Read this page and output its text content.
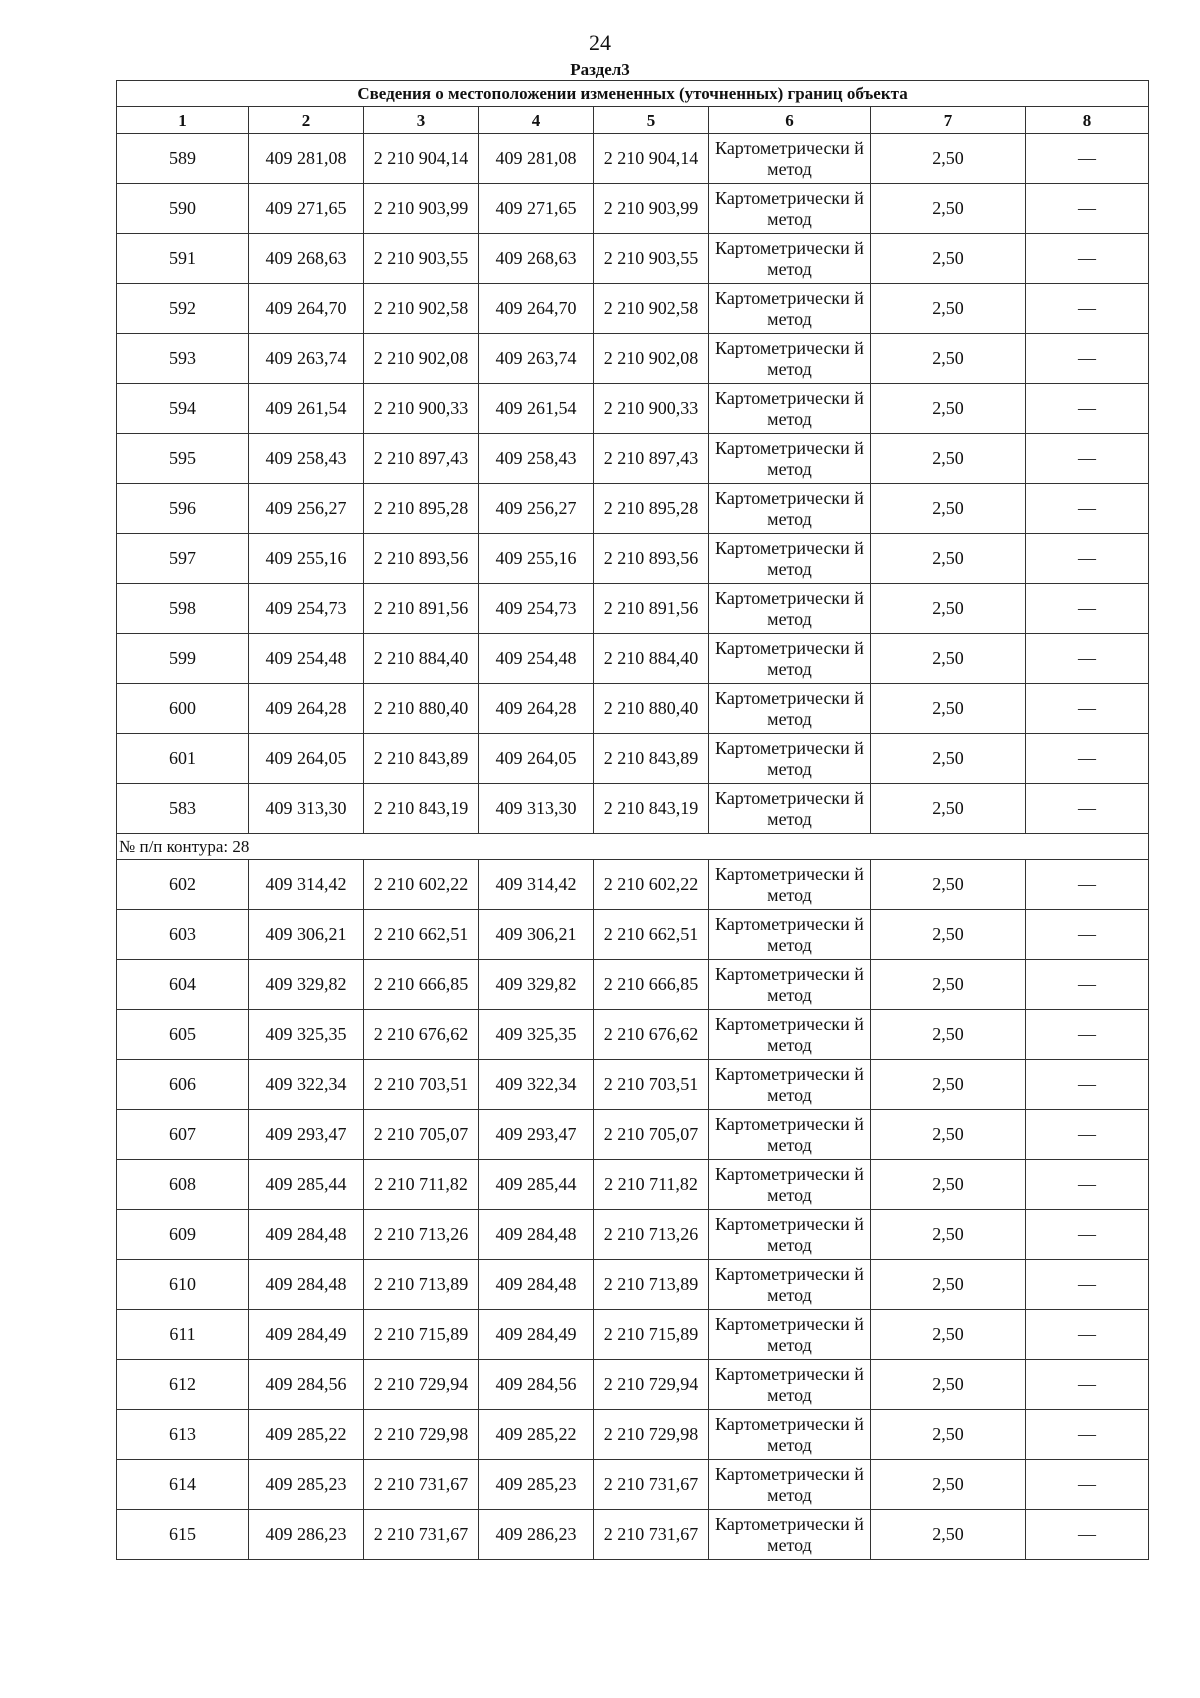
24
Раздел3
Сведения о местоположении измененных (уточненных) границ объекта							
1	2	3	4	5	6	7	8
589	409 281,08	2 210 904,14	409 281,08	2 210 904,14	Картометрически й метод	2,50	—
590	409 271,65	2 210 903,99	409 271,65	2 210 903,99	Картометрически й метод	2,50	—
591	409 268,63	2 210 903,55	409 268,63	2 210 903,55	Картометрически й метод	2,50	—
592	409 264,70	2 210 902,58	409 264,70	2 210 902,58	Картометрически й метод	2,50	—
593	409 263,74	2 210 902,08	409 263,74	2 210 902,08	Картометрически й метод	2,50	—
594	409 261,54	2 210 900,33	409 261,54	2 210 900,33	Картометрически й метод	2,50	—
595	409 258,43	2 210 897,43	409 258,43	2 210 897,43	Картометрически й метод	2,50	—
596	409 256,27	2 210 895,28	409 256,27	2 210 895,28	Картометрически й метод	2,50	—
597	409 255,16	2 210 893,56	409 255,16	2 210 893,56	Картометрически й метод	2,50	—
598	409 254,73	2 210 891,56	409 254,73	2 210 891,56	Картометрически й метод	2,50	—
599	409 254,48	2 210 884,40	409 254,48	2 210 884,40	Картометрически й метод	2,50	—
600	409 264,28	2 210 880,40	409 264,28	2 210 880,40	Картометрически й метод	2,50	—
601	409 264,05	2 210 843,89	409 264,05	2 210 843,89	Картометрически й метод	2,50	—
583	409 313,30	2 210 843,19	409 313,30	2 210 843,19	Картометрически й метод	2,50	—
№ п/п контура: 28							
602	409 314,42	2 210 602,22	409 314,42	2 210 602,22	Картометрически й метод	2,50	—
603	409 306,21	2 210 662,51	409 306,21	2 210 662,51	Картометрически й метод	2,50	—
604	409 329,82	2 210 666,85	409 329,82	2 210 666,85	Картометрически й метод	2,50	—
605	409 325,35	2 210 676,62	409 325,35	2 210 676,62	Картометрически й метод	2,50	—
606	409 322,34	2 210 703,51	409 322,34	2 210 703,51	Картометрически й метод	2,50	—
607	409 293,47	2 210 705,07	409 293,47	2 210 705,07	Картометрически й метод	2,50	—
608	409 285,44	2 210 711,82	409 285,44	2 210 711,82	Картометрически й метод	2,50	—
609	409 284,48	2 210 713,26	409 284,48	2 210 713,26	Картометрически й метод	2,50	—
610	409 284,48	2 210 713,89	409 284,48	2 210 713,89	Картометрически й метод	2,50	—
611	409 284,49	2 210 715,89	409 284,49	2 210 715,89	Картометрически й метод	2,50	—
612	409 284,56	2 210 729,94	409 284,56	2 210 729,94	Картометрически й метод	2,50	—
613	409 285,22	2 210 729,98	409 285,22	2 210 729,98	Картометрически й метод	2,50	—
614	409 285,23	2 210 731,67	409 285,23	2 210 731,67	Картометрически й метод	2,50	—
615	409 286,23	2 210 731,67	409 286,23	2 210 731,67	Картометрически й метод	2,50	—
